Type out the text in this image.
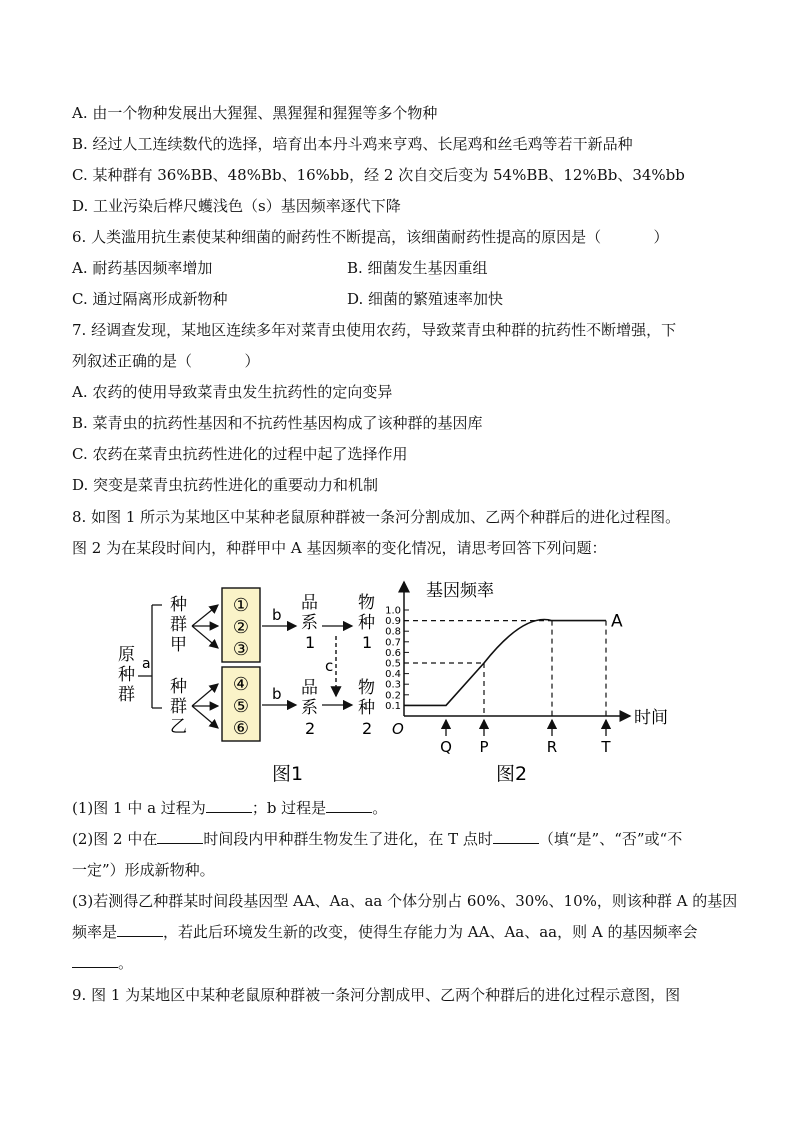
A. 由一个物种发展出大猩猩、黑猩猩和猩猩等多个物种
B. 经过人工连续数代的选择，培育出本丹斗鸡来亨鸡、长尾鸡和丝毛鸡等若干新品种
C. 某种群有 36%BB、48%Bb、16%bb，经 2 次自交后变为 54%BB、12%Bb、34%bb
D. 工业污染后桦尺蠖浅色（s）基因频率逐代下降
6. 人类滥用抗生素使某种细菌的耐药性不断提高，该细菌耐药性提高的原因是（           ）
A. 耐药基因频率增加	B. 细菌发生基因重组
C. 通过隔离形成新物种	D. 细菌的繁殖速率加快
7. 经调查发现，某地区连续多年对菜青虫使用农药，导致菜青虫种群的抗药性不断增强，下
列叙述正确的是（           ）
A. 农药的使用导致菜青虫发生抗药性的定向变异
B. 菜青虫的抗药性基因和不抗药性基因构成了该种群的基因库
C. 农药在菜青虫抗药性进化的过程中起了选择作用
D. 突变是菜青虫抗药性进化的重要动力和机制
8. 如图 1 所示为某地区中某种老鼠原种群被一条河分割成加、乙两个种群后的进化过程图。
图 2 为在某段时间内，种群甲中 A 基因频率的变化情况，请思考回答下列问题：
原
种
群
a
种
群
甲
种
群
乙
①
②
③
④
⑤
⑥
b
b
品
系
1
品
系
2
c
物
种
1
物
种
2
图1
基因频率
时间
O
0.1
0.2
0.3
0.4
0.5
0.6
0.7
0.8
0.9
1.0
A
Q P	R	T
图2
(1)图 1 中 a 过程为	；b 过程是	。
(2)图 2 中在	时间段内甲种群生物发生了进化，在 T 点时	（填“是”、“否”或“不
一定”）形成新物种。
(3)若测得乙种群某时间段基因型 AA、Aa、aa 个体分别占 60%、30%、10%，则该种群 A 的基因
频率是	，若此后环境发生新的改变，使得生存能力为 AA、Aa、aa，则 A 的基因频率会
。
9. 图 1 为某地区中某种老鼠原种群被一条河分割成甲、乙两个种群后的进化过程示意图，图
